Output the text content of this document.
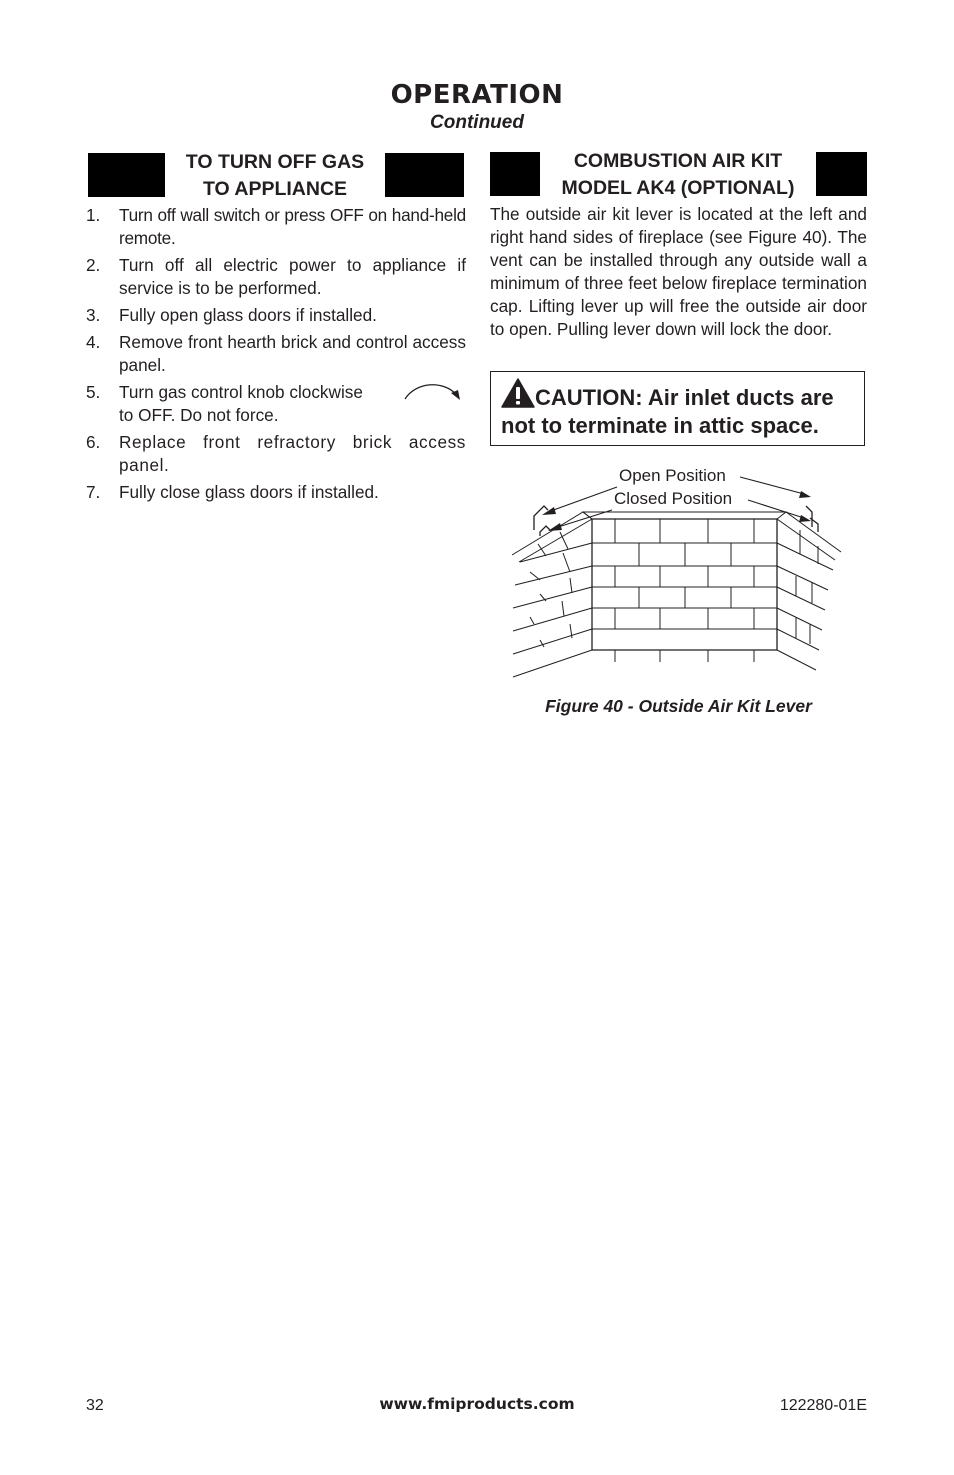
OPERATION
Continued
TO TURN OFF GAS
TO APPLIANCE
1. Turn off wall switch or press OFF on hand-held remote.
2. Turn off all electric power to appliance if service is to be performed.
3. Fully open glass doors if installed.
4. Remove front hearth brick and control access panel.
5. Turn gas control knob clockwise
to OFF. Do not force.
6. Replace front refractory brick access panel.
7. Fully close glass doors if installed.
COMBUSTION AIR KIT
MODEL AK4 (OPTIONAL)
The outside air kit lever is located at the left and right hand sides of fireplace (see Figure 40). The vent can be installed through any outside wall a minimum of three feet below fireplace termination cap. Lifting lever up will free the outside air door to open. Pulling lever down will lock the door.
CAUTION: Air inlet ducts are not to terminate in attic space.
Open Position
Closed Position
Figure 40 - Outside Air Kit Lever
32	www.fmiproducts.com	122280-01E
